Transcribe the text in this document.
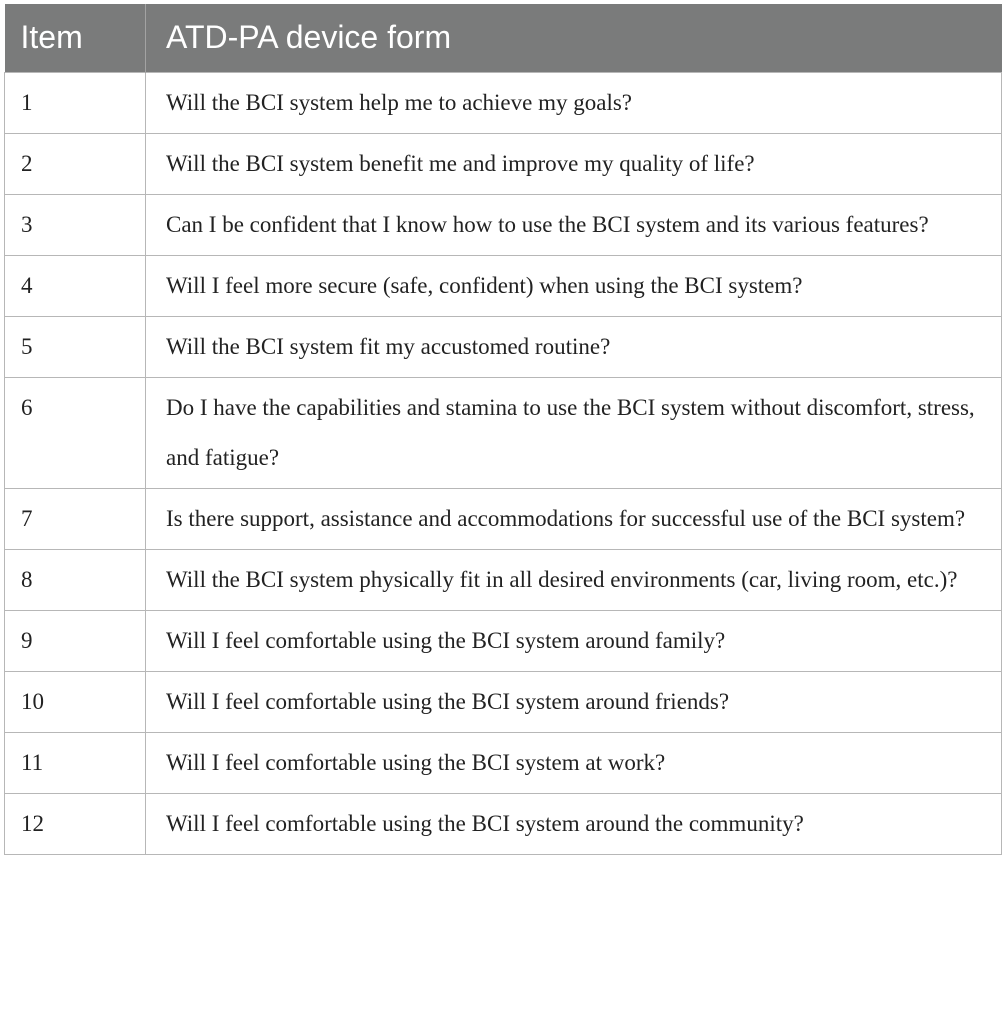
Item	ATD-PA device form
1	Will the BCI system help me to achieve my goals?
2	Will the BCI system benefit me and improve my quality of life?
3	Can I be confident that I know how to use the BCI system and its various features?
4	Will I feel more secure (safe, confident) when using the BCI system?
5	Will the BCI system fit my accustomed routine?
6	Do I have the capabilities and stamina to use the BCI system without discomfort, stress, and fatigue?
7	Is there support, assistance and accommodations for successful use of the BCI system?
8	Will the BCI system physically fit in all desired environments (car, living room, etc.)?
9	Will I feel comfortable using the BCI system around family?
10	Will I feel comfortable using the BCI system around friends?
11	Will I feel comfortable using the BCI system at work?
12	Will I feel comfortable using the BCI system around the community?
